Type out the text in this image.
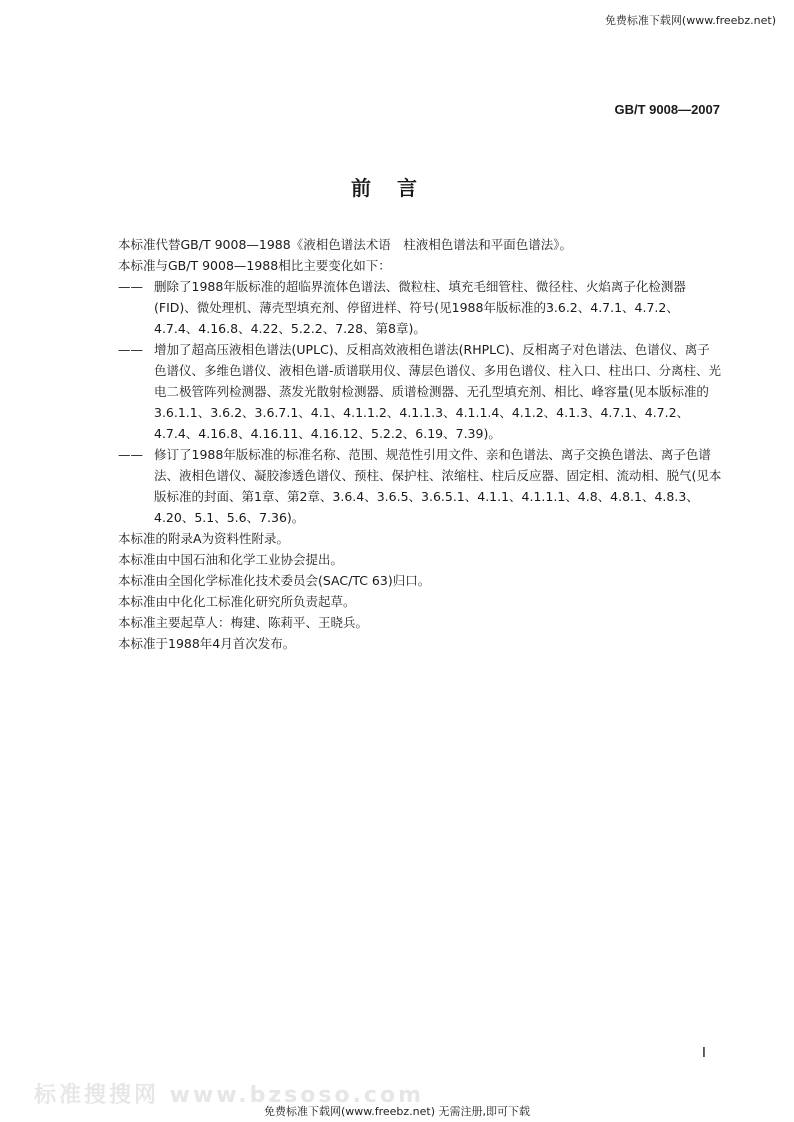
免费标准下载网(www.freebz.net)
GB/T 9008—2007
前言

本标准代替GB/T 9008—1988《液相色谱法术语　柱液相色谱法和平面色谱法》。

本标准与GB/T 9008—1988相比主要变化如下：

—— 删除了1988年版标准的超临界流体色谱法、微粒柱、填充毛细管柱、微径柱、火焰离子化检测器(FID)、微处理机、薄壳型填充剂、停留进样、符号(见1988年版标准的3.6.2、4.7.1、4.7.2、4.7.4、4.16.8、4.22、5.2.2、7.28、第8章)。
—— 增加了超高压液相色谱法(UPLC)、反相高效液相色谱法(RHPLC)、反相离子对色谱法、色谱仪、离子色谱仪、多维色谱仪、液相色谱-质谱联用仪、薄层色谱仪、多用色谱仪、柱入口、柱出口、分离柱、光电二极管阵列检测器、蒸发光散射检测器、质谱检测器、无孔型填充剂、相比、峰容量(见本版标准的3.6.1.1、3.6.2、3.6.7.1、4.1、4.1.1.2、4.1.1.3、4.1.1.4、4.1.2、4.1.3、4.7.1、4.7.2、4.7.4、4.16.8、4.16.11、4.16.12、5.2.2、6.19、7.39)。
—— 修订了1988年版标准的标准名称、范围、规范性引用文件、亲和色谱法、离子交换色谱法、离子色谱法、液相色谱仪、凝胶渗透色谱仪、预柱、保护柱、浓缩柱、柱后反应器、固定相、流动相、脱气(见本版标准的封面、第1章、第2章、3.6.4、3.6.5、3.6.5.1、4.1.1、4.1.1.1、4.8、4.8.1、4.8.3、4.20、5.1、5.6、7.36)。

本标准的附录A为资料性附录。

本标准由中国石油和化学工业协会提出。

本标准由全国化学标准化技术委员会(SAC/TC 63)归口。

本标准由中化化工标准化研究所负责起草。

本标准主要起草人：梅建、陈莉平、王晓兵。

本标准于1988年4月首次发布。

Ⅰ
标准搜搜网 www.bzsoso.com
免费标准下载网(www.freebz.net) 无需注册,即可下载
